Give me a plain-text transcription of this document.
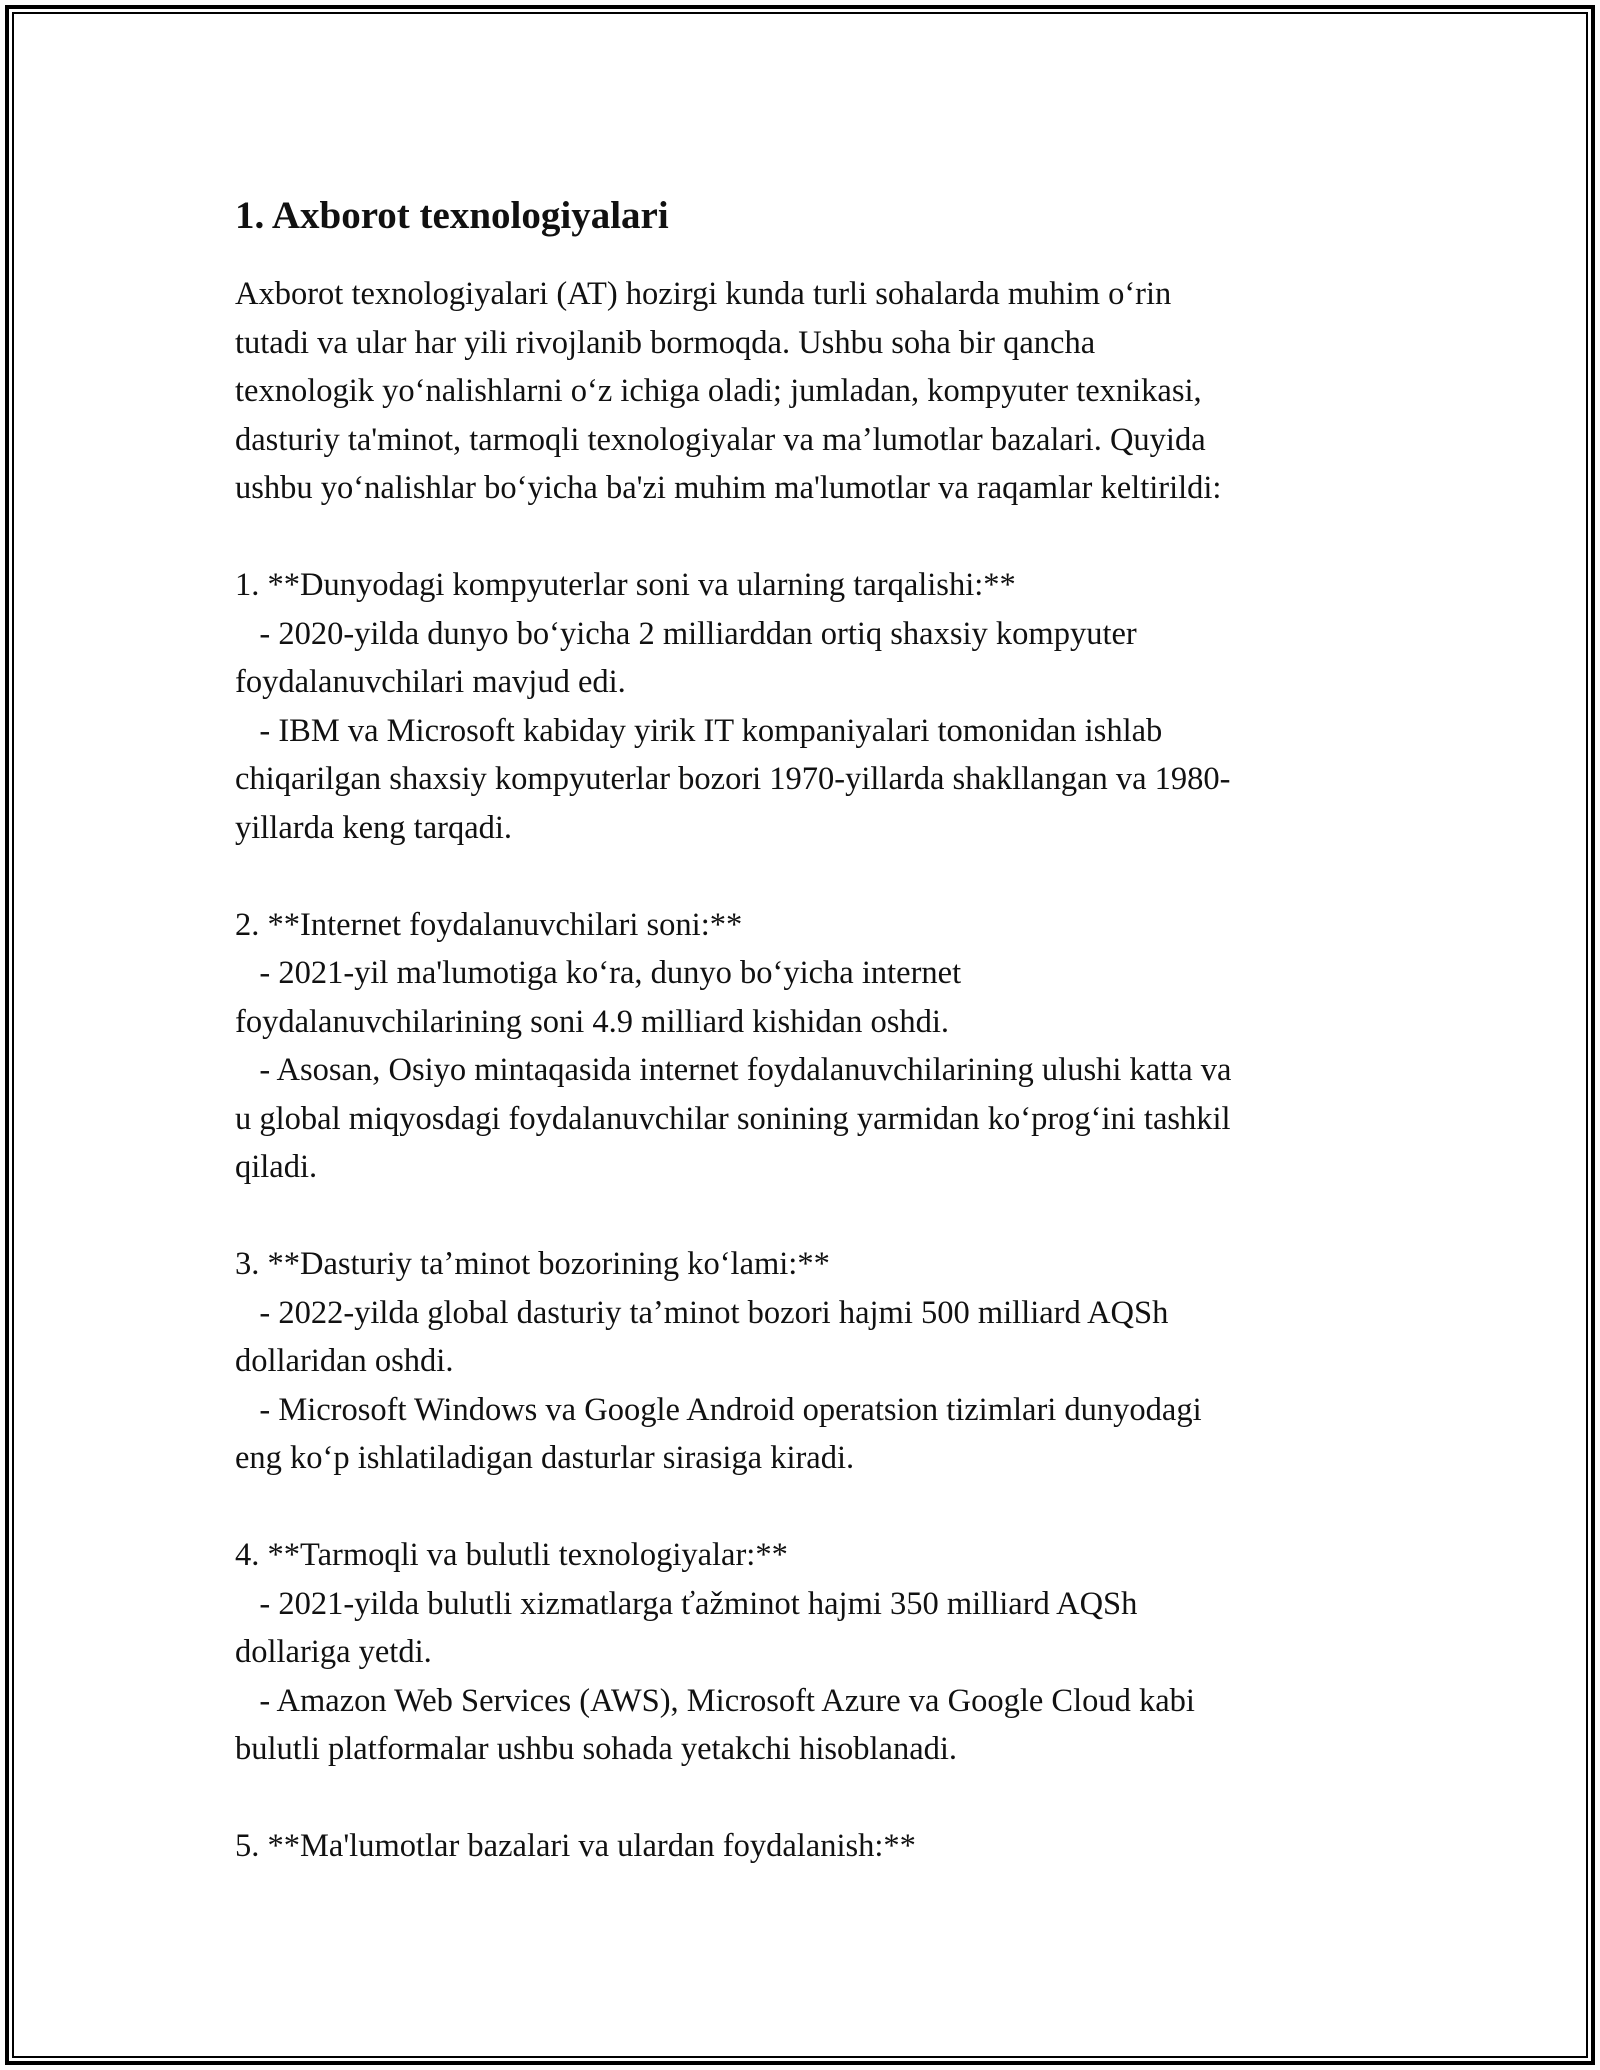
1. Axborot texnologiyalari

Axborot texnologiyalari (AT) hozirgi kunda turli sohalarda muhim oʻrin
tutadi va ular har yili rivojlanib bormoqda. Ushbu soha bir qancha
texnologik yoʻnalishlarni oʻz ichiga oladi; jumladan, kompyuter texnikasi,
dasturiy ta'minot, tarmoqli texnologiyalar va maʼlumotlar bazalari. Quyida
ushbu yoʻnalishlar boʻyicha ba'zi muhim ma'lumotlar va raqamlar keltirildi:

1. **Dunyodagi kompyuterlar soni va ularning tarqalishi:**
- 2020-yilda dunyo boʻyicha 2 milliarddan ortiq shaxsiy kompyuter
foydalanuvchilari mavjud edi.
- IBM va Microsoft kabiday yirik IT kompaniyalari tomonidan ishlab
chiqarilgan shaxsiy kompyuterlar bozori 1970-yillarda shakllangan va 1980-
yillarda keng tarqadi.

2. **Internet foydalanuvchilari soni:**
- 2021-yil ma'lumotiga koʻra, dunyo boʻyicha internet
foydalanuvchilarining soni 4.9 milliard kishidan oshdi.
- Asosan, Osiyo mintaqasida internet foydalanuvchilarining ulushi katta va
u global miqyosdagi foydalanuvchilar sonining yarmidan koʻprogʻini tashkil
qiladi.

3. **Dasturiy taʼminot bozorining koʻlami:**
- 2022-yilda global dasturiy taʼminot bozori hajmi 500 milliard AQSh
dollaridan oshdi.
- Microsoft Windows va Google Android operatsion tizimlari dunyodagi
eng koʻp ishlatiladigan dasturlar sirasiga kiradi.

4. **Tarmoqli va bulutli texnologiyalar:**
- 2021-yilda bulutli xizmatlarga ťažminot hajmi 350 milliard AQSh
dollariga yetdi.
- Amazon Web Services (AWS), Microsoft Azure va Google Cloud kabi
bulutli platformalar ushbu sohada yetakchi hisoblanadi.

5. **Ma'lumotlar bazalari va ulardan foydalanish:**
